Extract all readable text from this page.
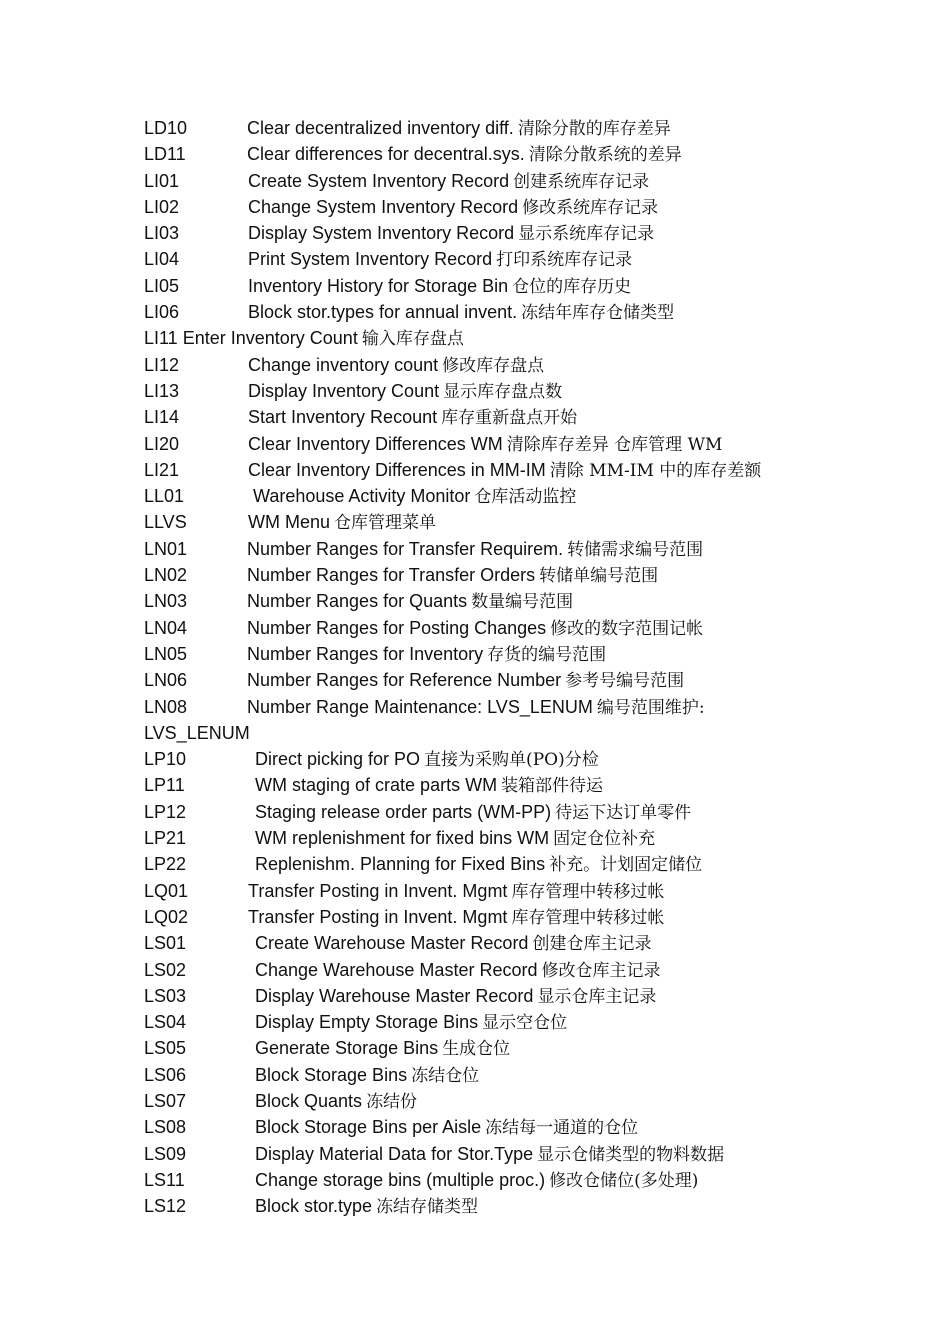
LD10	Clear decentralized inventory diff. 清除分散的库存差异
LD11	Clear differences for decentral.sys. 清除分散系统的差异
LI01	Create System Inventory Record 创建系统库存记录
LI02	Change System Inventory Record 修改系统库存记录
LI03	Display System Inventory Record 显示系统库存记录
LI04	Print System Inventory Record 打印系统库存记录
LI05	Inventory History for Storage Bin 仓位的库存历史
LI06	Block stor.types for annual invent. 冻结年库存仓储类型
LI11 Enter Inventory Count 输入库存盘点
LI12	Change inventory count 修改库存盘点
LI13	Display Inventory Count 显示库存盘点数
LI14	Start Inventory Recount 库存重新盘点开始
LI20	Clear Inventory Differences WM 清除库存差异 仓库管理 WM
LI21	Clear Inventory Differences in MM-IM 清除 MM-IM 中的库存差额
LL01	Warehouse Activity Monitor 仓库活动监控
LLVS	WM Menu 仓库管理菜单
LN01	Number Ranges for Transfer Requirem. 转储需求编号范围
LN02	Number Ranges for Transfer Orders 转储单编号范围
LN03	Number Ranges for Quants 数量编号范围
LN04	Number Ranges for Posting Changes 修改的数字范围记帐
LN05	Number Ranges for Inventory 存货的编号范围
LN06	Number Ranges for Reference Number 参考号编号范围
LN08	Number Range Maintenance: LVS_LENUM 编号范围维护:
LVS_LENUM
LP10	Direct picking for PO 直接为采购单(PO)分检
LP11	WM staging of crate parts WM 装箱部件待运
LP12	Staging release order parts (WM-PP) 待运下达订单零件
LP21	WM replenishment for fixed bins WM 固定仓位补充
LP22	Replenishm. Planning for Fixed Bins 补充。计划固定储位
LQ01	Transfer Posting in Invent. Mgmt 库存管理中转移过帐
LQ02	Transfer Posting in Invent. Mgmt 库存管理中转移过帐
LS01	Create Warehouse Master Record 创建仓库主记录
LS02	Change Warehouse Master Record 修改仓库主记录
LS03	Display Warehouse Master Record 显示仓库主记录
LS04	Display Empty Storage Bins 显示空仓位
LS05	Generate Storage Bins 生成仓位
LS06	Block Storage Bins 冻结仓位
LS07	Block Quants 冻结份
LS08	Block Storage Bins per Aisle 冻结每一通道的仓位
LS09	Display Material Data for Stor.Type 显示仓储类型的物料数据
LS11	Change storage bins (multiple proc.) 修改仓储位(多处理)
LS12	Block stor.type 冻结存储类型
